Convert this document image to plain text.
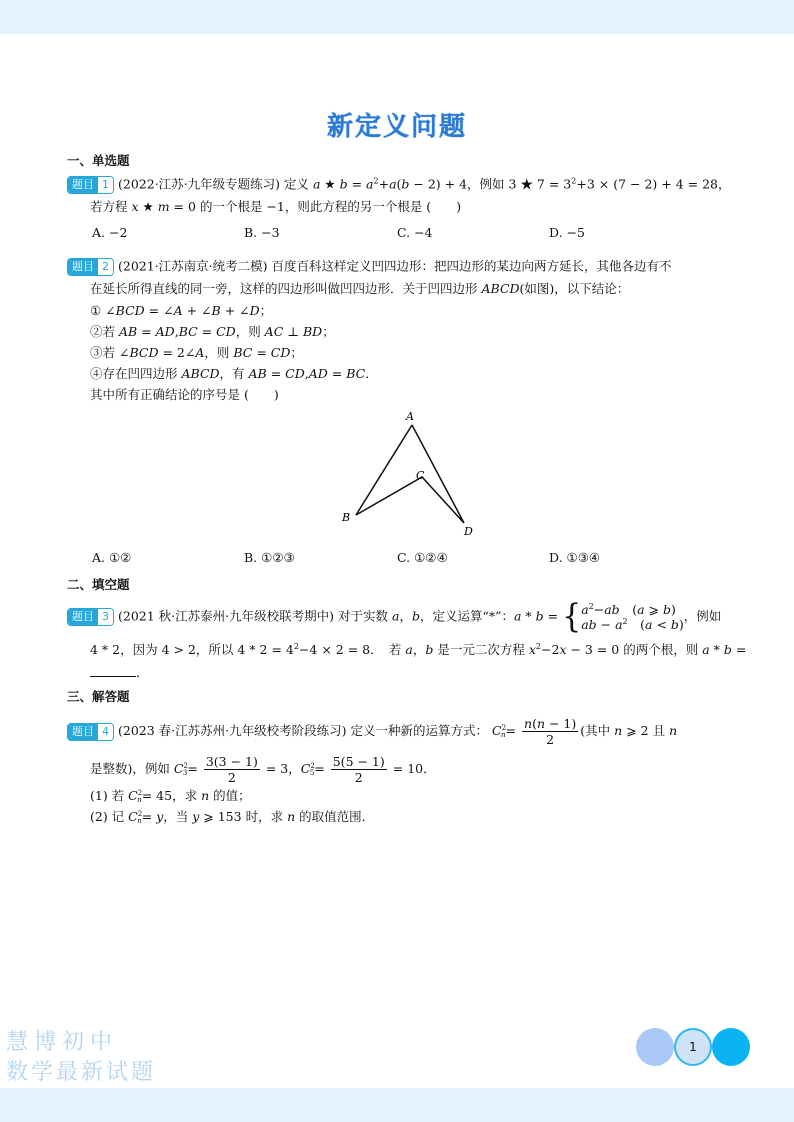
新定义问题
一、单选题
题目 1 (2022·江苏·九年级专题练习) 定义 a ★ $b = a^2+a(b - 2) + 4$，例如 3 ★ $7 = 3^2+3 \times (7 - 2) + 4 = 28$，
若方程 x ★ m = 0 的一个根是 −1，则此方程的另一个根是 (　　)
A. −2	B. −3	C. −4	D. −5
题目 2 (2021·江苏南京·统考二模) 百度百科这样定义凹四边形：把四边形的某边向两方延长，其他各边有不
在延长所得直线的同一旁，这样的四边形叫做凹四边形．关于凹四边形 ABCD(如图)，以下结论：
① ∠BCD = ∠A + ∠B + ∠D；
②若 AB = AD,BC = CD，则 AC ⊥ BD；
③若 ∠BCD = 2∠A，则 BC = CD；
④存在凹四边形 ABCD，有 AB = CD,AD = BC．
其中所有正确结论的序号是 (　　)
A
B
C
D
A. ①②	B. ①②③	C. ①②④	D. ①③④
二、填空题
题目 3 (2021 秋·江苏泰州·九年级校联考期中) 对于实数 a，b，定义运算“*”：a * b = { $a^2-ab$　(a ⩾ b)
ab − $a^2$　(a < b)
，例如
4 * 2，因为 4 > 2，所以 $4 * 2 = 4^2-4 \times 2 = 8$．　若 a，b 是一元二次方程 $x^2-2x - 3 = 0$ 的两个根，则 a * b =
．
三、解答题
题目 4 (2023 春·江苏苏州·九年级校考阶段练习) 定义一种新的运算方式： $C^2_n= \frac{n(n - 1)}{2}$ (其中 n ⩾ 2 且 n
是整数)，例如 $C^2_3= \frac{3(3 - 1)}{2} = 3$，$C^2_5= \frac{5(5 - 1)}{2} = 10$．
(1) 若 $C^2_n= 45$，求 n 的值；
(2) 记 $C^2_n= y$，当 y ⩾ 153 时，求 n 的取值范围．
慧博初中
数学最新试题
1
